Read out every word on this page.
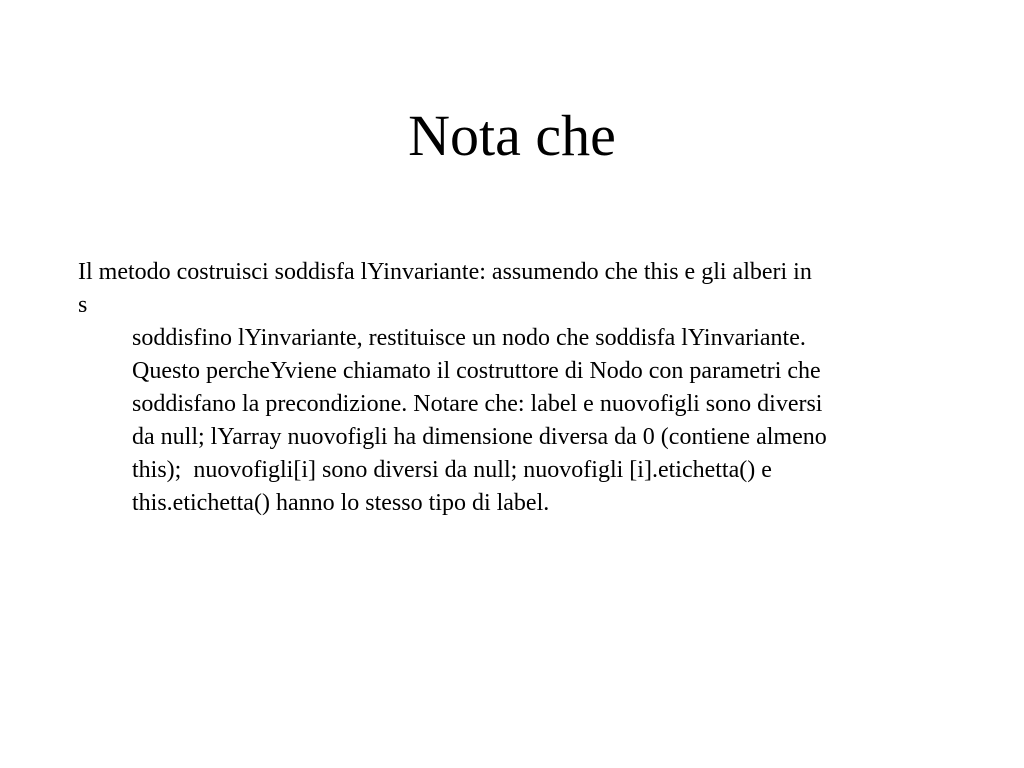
Nota che
Il metodo costruisci soddisfa lYinvariante: assumendo che this e gli alberi in
s
soddisfino lYinvariante, restituisce un nodo che soddisfa lYinvariante.
Questo percheYviene chiamato il costruttore di Nodo con parametri che
soddisfano la precondizione. Notare che: label e nuovofigli sono diversi
da null; lYarray nuovofigli ha dimensione diversa da 0 (contiene almeno
this);  nuovofigli[i] sono diversi da null; nuovofigli [i].etichetta() e
this.etichetta() hanno lo stesso tipo di label.
